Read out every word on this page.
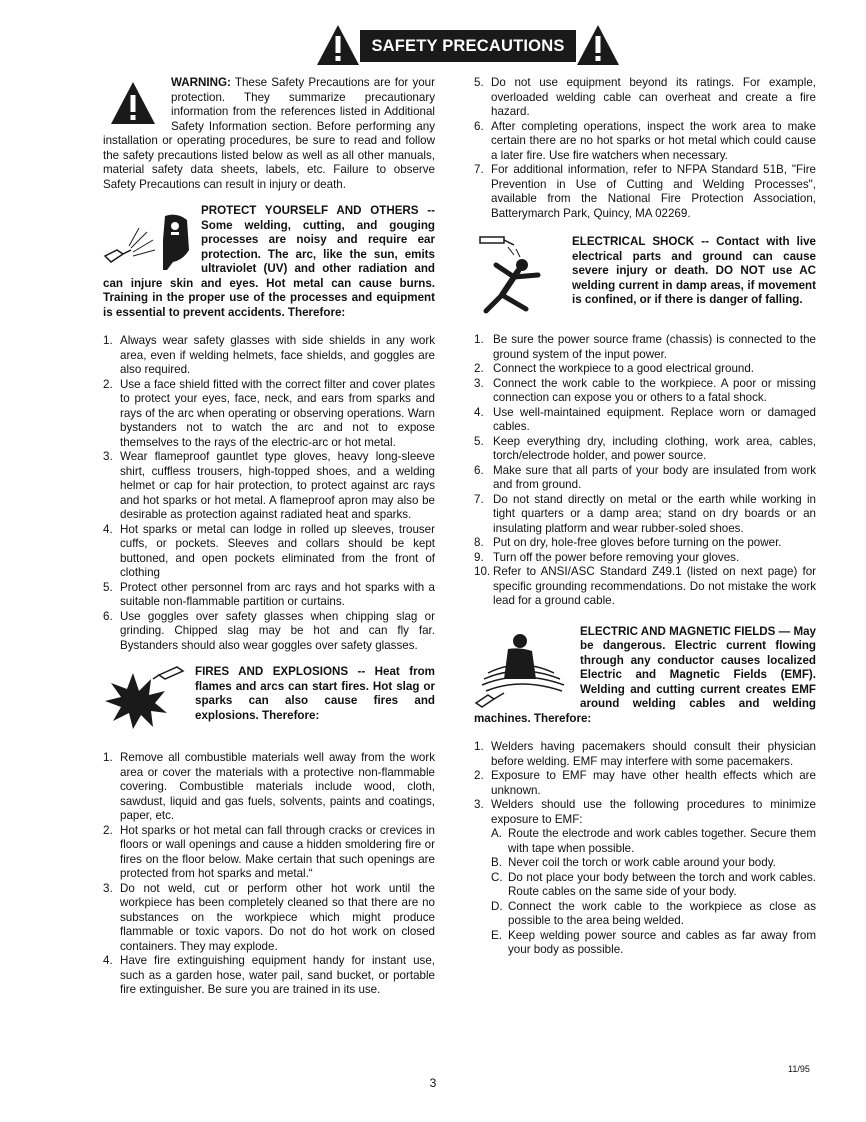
SAFETY PRECAUTIONS

WARNING: These Safety Precautions are for your protection. They summarize precautionary information from the references listed in Additional Safety Information section. Before performing any installation or operating procedures, be sure to read and follow the safety precautions listed below as well as all other manuals, material safety data sheets, labels, etc. Failure to observe Safety Precautions can result in injury or death.

PROTECT YOURSELF AND OTHERS -- Some welding, cutting, and gouging processes are noisy and require ear protection. The arc, like the sun, emits ultraviolet (UV) and other radiation and can injure skin and eyes. Hot metal can cause burns. Training in the proper use of the processes and equipment is essential to prevent accidents. Therefore:

1. Always wear safety glasses with side shields in any work area, even if welding helmets, face shields, and goggles are also required.
2. Use a face shield fitted with the correct filter and cover plates to protect your eyes, face, neck, and ears from sparks and rays of the arc when operating or observing operations. Warn bystanders not to watch the arc and not to expose themselves to the rays of the electric-arc or hot metal.
3. Wear flameproof gauntlet type gloves, heavy long-sleeve shirt, cuffless trousers, high-topped shoes, and a welding helmet or cap for hair protection, to protect against arc rays and hot sparks or hot metal. A flameproof apron may also be desirable as protection against radiated heat and sparks.
4. Hot sparks or metal can lodge in rolled up sleeves, trouser cuffs, or pockets. Sleeves and collars should be kept buttoned, and open pockets eliminated from the front of clothing
5. Protect other personnel from arc rays and hot sparks with a suitable non-flammable partition or curtains.
6. Use goggles over safety glasses when chipping slag or grinding. Chipped slag may be hot and can fly far. Bystanders should also wear goggles over safety glasses.

FIRES AND EXPLOSIONS -- Heat from flames and arcs can start fires. Hot slag or sparks can also cause fires and explosions. Therefore:

1. Remove all combustible materials well away from the work area or cover the materials with a protective non-flammable covering. Combustible materials include wood, cloth, sawdust, liquid and gas fuels, solvents, paints and coatings, paper, etc.
2. Hot sparks or hot metal can fall through cracks or crevices in floors or wall openings and cause a hidden smoldering fire or fires on the floor below. Make certain that such openings are protected from hot sparks and metal.“
3. Do not weld, cut or perform other hot work until the workpiece has been completely cleaned so that there are no substances on the workpiece which might produce flammable or toxic vapors. Do not do hot work on closed containers. They may explode.
4. Have fire extinguishing equipment handy for instant use, such as a garden hose, water pail, sand bucket, or portable fire extinguisher. Be sure you are trained in its use.
5. Do not use equipment beyond its ratings. For example, overloaded welding cable can overheat and create a fire hazard.
6. After completing operations, inspect the work area to make certain there are no hot sparks or hot metal which could cause a later fire. Use fire watchers when necessary.
7. For additional information, refer to NFPA Standard 51B, "Fire Prevention in Use of Cutting and Welding Processes", available from the National Fire Protection Association, Batterymarch Park, Quincy, MA 02269.

ELECTRICAL SHOCK -- Contact with live electrical parts and ground can cause severe injury or death. DO NOT use AC welding current in damp areas, if movement is confined, or if there is danger of falling.

1. Be sure the power source frame (chassis) is connected to the ground system of the input power.
2. Connect the workpiece to a good electrical ground.
3. Connect the work cable to the workpiece. A poor or missing connection can expose you or others to a fatal shock.
4. Use well-maintained equipment. Replace worn or damaged cables.
5. Keep everything dry, including clothing, work area, cables, torch/electrode holder, and power source.
6. Make sure that all parts of your body are insulated from work and from ground.
7. Do not stand directly on metal or the earth while working in tight quarters or a damp area; stand on dry boards or an insulating platform and wear rubber-soled shoes.
8. Put on dry, hole-free gloves before turning on the power.
9. Turn off the power before removing your gloves.
10. Refer to ANSI/ASC Standard Z49.1 (listed on next page) for specific grounding recommendations. Do not mistake the work lead for a ground cable.

ELECTRIC AND MAGNETIC FIELDS — May be dangerous. Electric current flowing through any conductor causes localized Electric and Magnetic Fields (EMF). Welding and cutting current creates EMF around welding cables and welding machines. Therefore:

1. Welders having pacemakers should consult their physician before welding. EMF may interfere with some pacemakers.
2. Exposure to EMF may have other health effects which are unknown.
3. Welders should use the following procedures to minimize exposure to EMF:
A. Route the electrode and work cables together. Secure them with tape when possible.
B. Never coil the torch or work cable around your body.
C. Do not place your body between the torch and work cables. Route cables on the same side of your body.
D. Connect the work cable to the workpiece as close as possible to the area being welded.
E. Keep welding power source and cables as far away from your body as possible.
11/95
3
